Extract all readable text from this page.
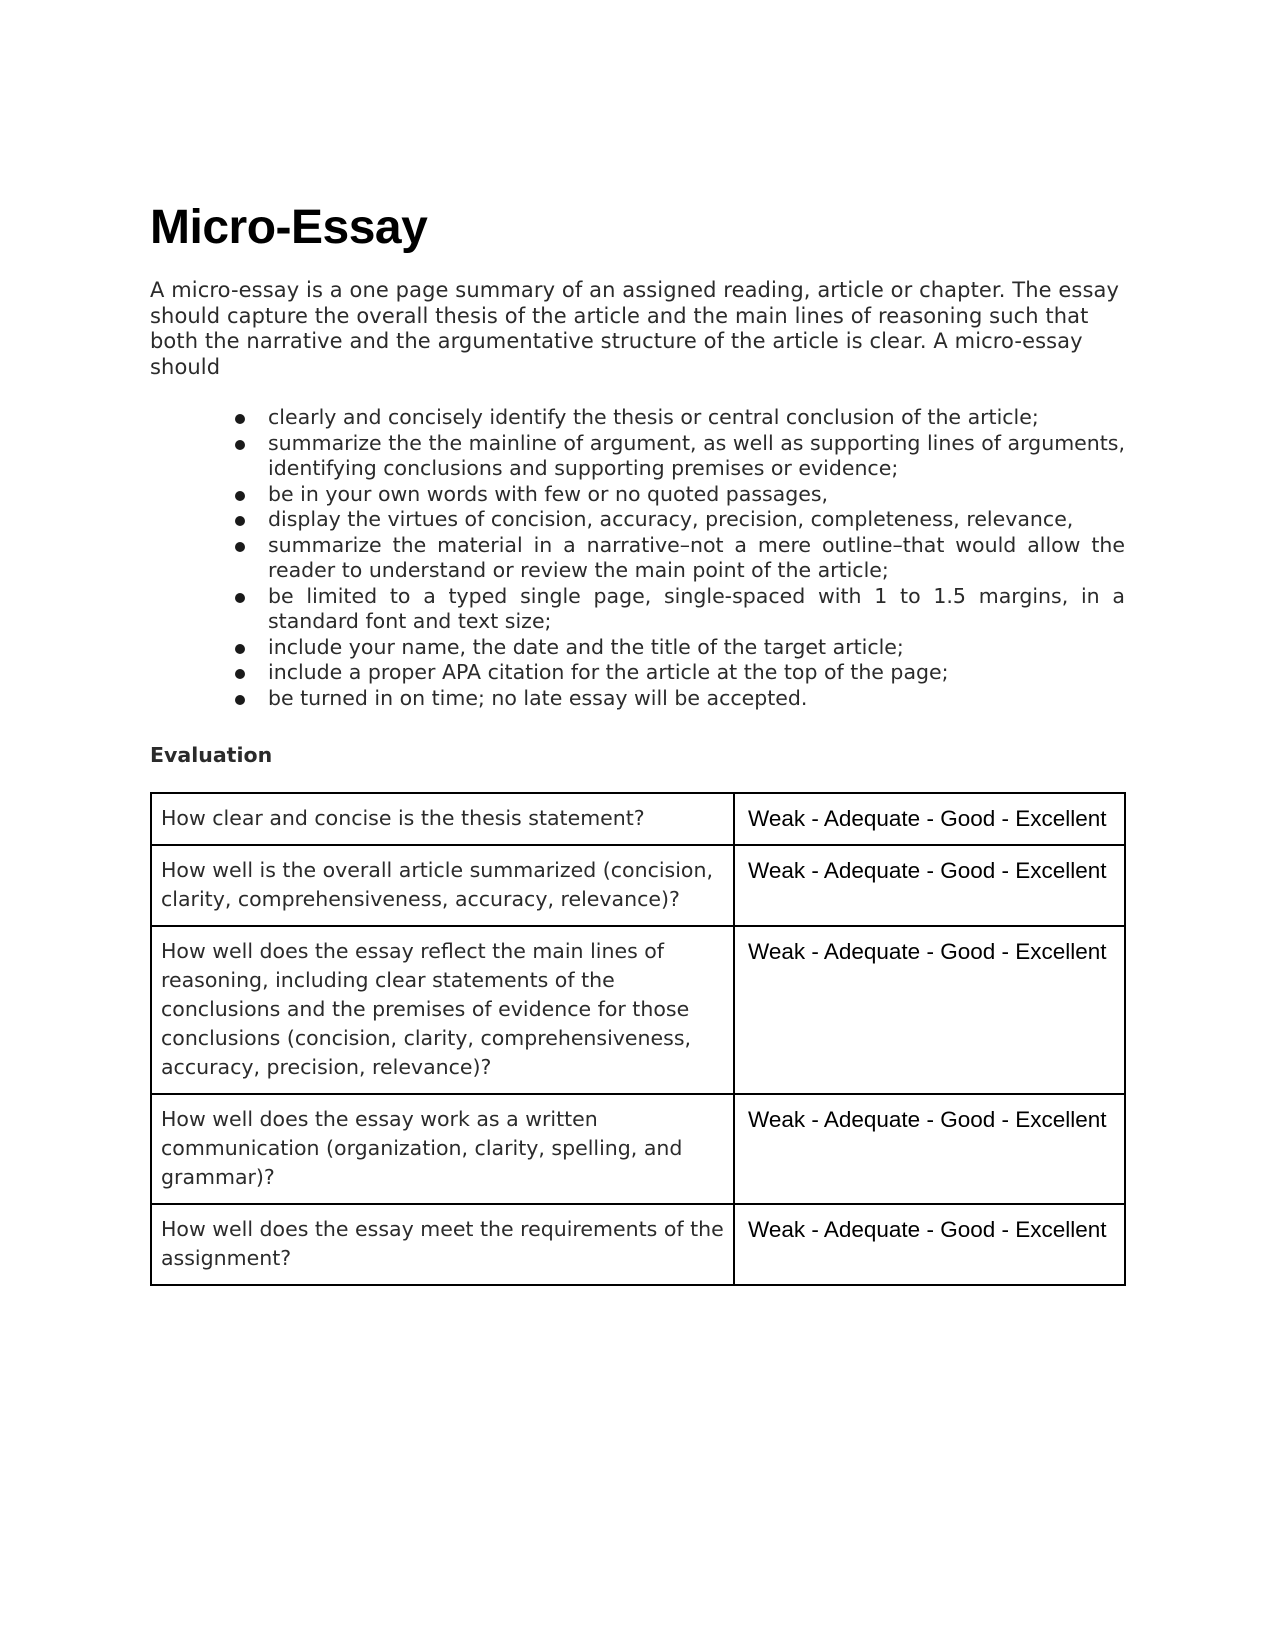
Micro-Essay

A micro-essay is a one page summary of an assigned reading, article or chapter. The essay should capture the overall thesis of the article and the main lines of reasoning such that both the narrative and the argumentative structure of the article is clear. A micro-essay should

clearly and concisely identify the thesis or central conclusion of the article;
summarize the the mainline of argument, as well as supporting lines of arguments, identifying conclusions and supporting premises or evidence;
be in your own words with few or no quoted passages,
display the virtues of concision, accuracy, precision, completeness, relevance,
summarize the material in a narrative–not a mere outline–that would allow the reader to understand or review the main point of the article;
be limited to a typed single page, single-spaced with 1 to 1.5 margins, in a standard font and text size;
include your name, the date and the title of the target article;
include a proper APA citation for the article at the top of the page;
be turned in on time; no late essay will be accepted.
Evaluation
How clear and concise is the thesis statement?	Weak - Adequate - Good - Excellent
How well is the overall article summarized (concision, clarity, comprehensiveness, accuracy, relevance)?	Weak - Adequate - Good - Excellent
How well does the essay reflect the main lines of reasoning, including clear statements of the conclusions and the premises of evidence for those conclusions (concision, clarity, comprehensiveness, accuracy, precision, relevance)?	Weak - Adequate - Good - Excellent
How well does the essay work as a written communication (organization, clarity, spelling, and grammar)?	Weak - Adequate - Good - Excellent
How well does the essay meet the requirements of the assignment?	Weak - Adequate - Good - Excellent
